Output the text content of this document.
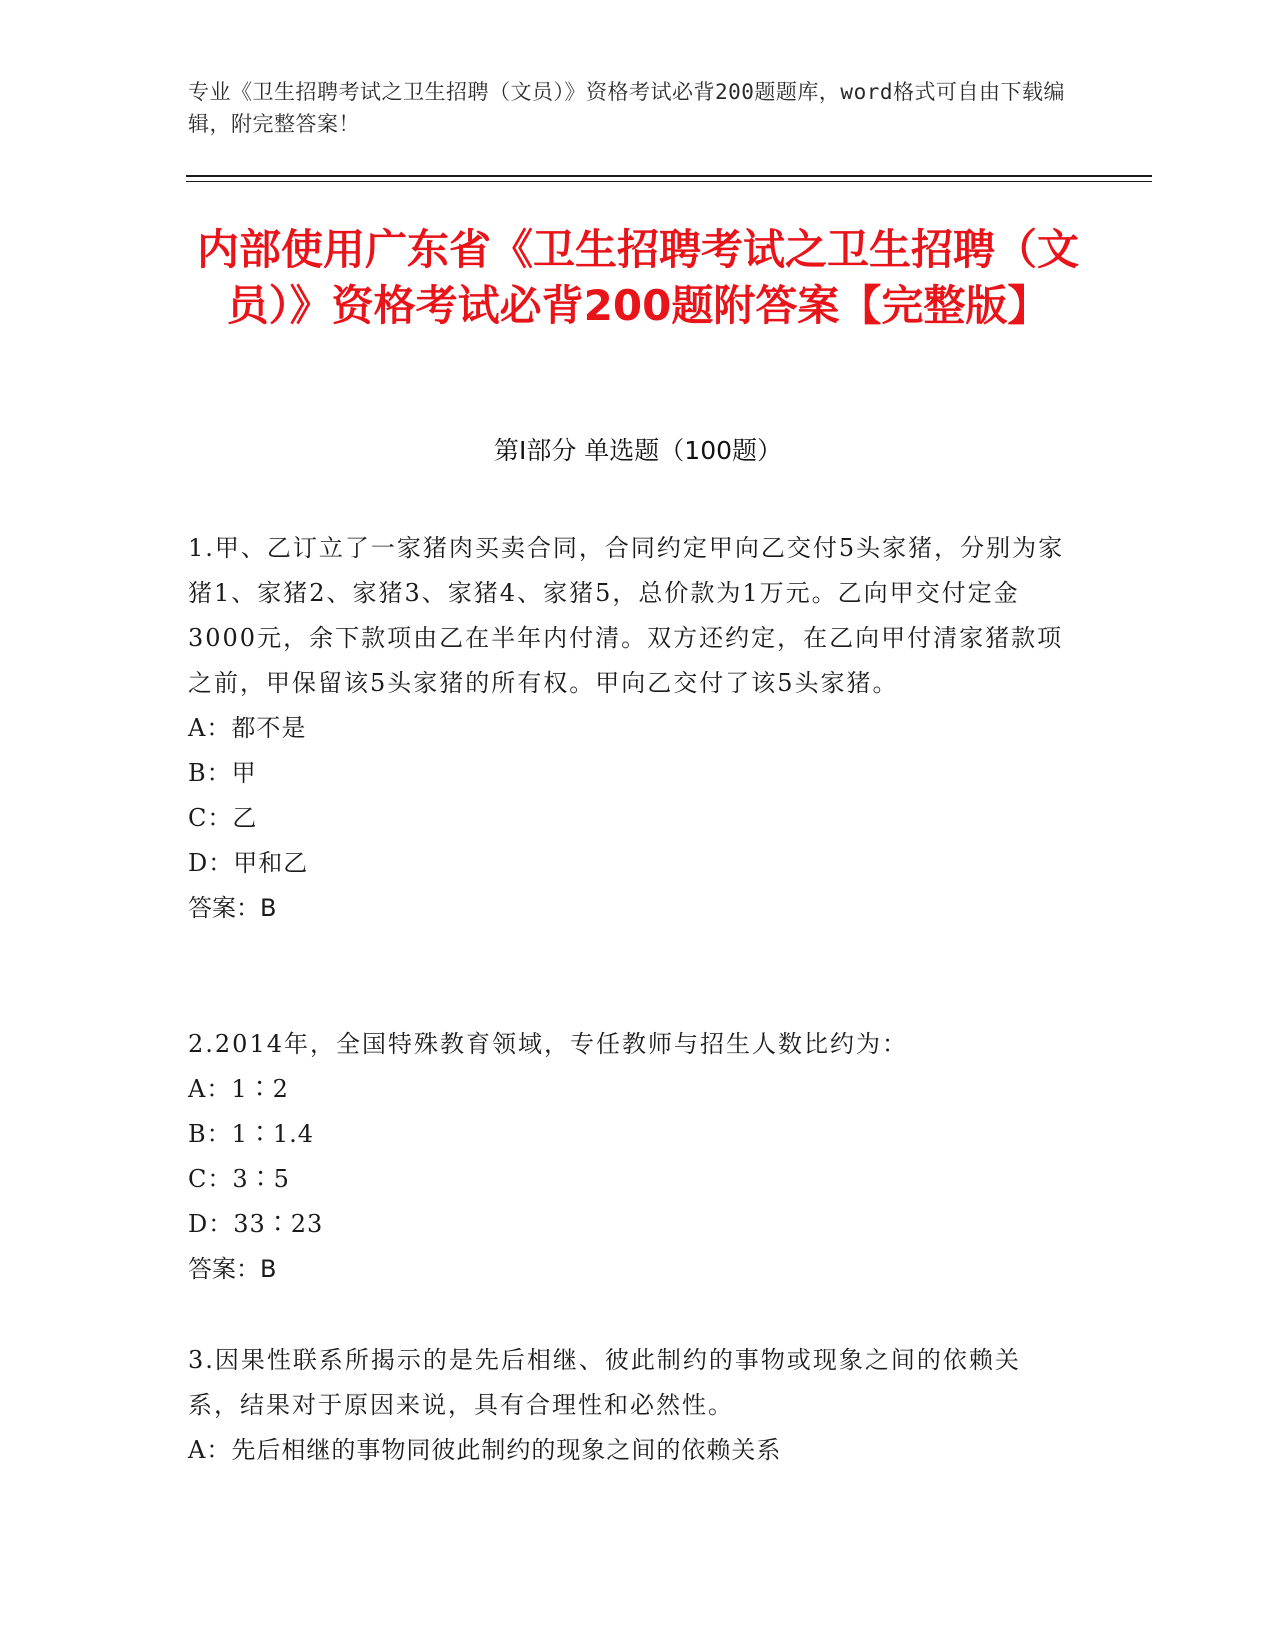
专业《卫生招聘考试之卫生招聘（文员）》资格考试必背200题题库，word格式可自由下载编辑，附完整答案！
内部使用广东省《卫生招聘考试之卫生招聘（文员）》资格考试必背200题附答案【完整版】
第Ⅰ部分 单选题（100题）

1.甲、乙订立了一家猪肉买卖合同，合同约定甲向乙交付5头家猪，分别为家猪1、家猪2、家猪3、家猪4、家猪5，总价款为1万元。乙向甲交付定金3000元，余下款项由乙在半年内付清。双方还约定，在乙向甲付清家猪款项之前，甲保留该5头家猪的所有权。甲向乙交付了该5头家猪。

A：都不是

B：甲

C：乙

D：甲和乙

答案：B

2.2014年，全国特殊教育领域，专任教师与招生人数比约为：

A：1∶2

B：1∶1.4

C：3∶5

D：33∶23

答案：B

3.因果性联系所揭示的是先后相继、彼此制约的事物或现象之间的依赖关系，结果对于原因来说，具有合理性和必然性。

A：先后相继的事物同彼此制约的现象之间的依赖关系
